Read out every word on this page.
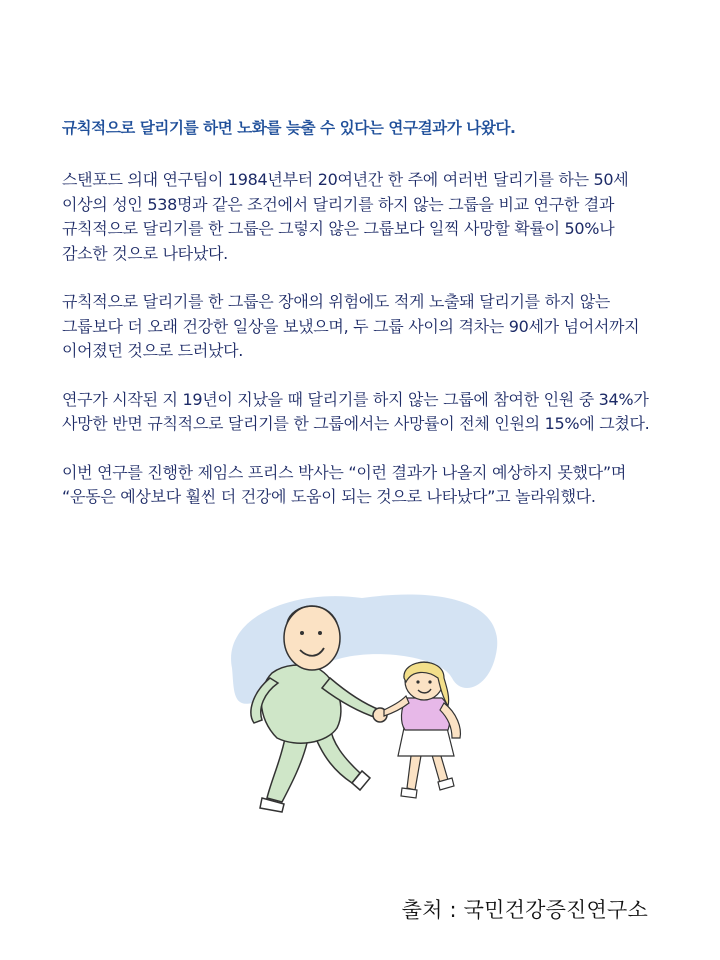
규칙적으로 달리기를 하면 노화를 늦출 수 있다는 연구결과가 나왔다.

스탠포드 의대 연구팀이 1984년부터 20여년간 한 주에 여러번 달리기를 하는 50세 이상의 성인 538명과 같은 조건에서 달리기를 하지 않는 그룹을 비교 연구한 결과 규칙적으로 달리기를 한 그룹은 그렇지 않은 그룹보다 일찍 사망할 확률이 50%나 감소한 것으로 나타났다.

규칙적으로 달리기를 한 그룹은 장애의 위험에도 적게 노출돼 달리기를 하지 않는 그룹보다 더 오래 건강한 일상을 보냈으며, 두 그룹 사이의 격차는 90세가 넘어서까지 이어졌던 것으로 드러났다.

연구가 시작된 지 19년이 지났을 때 달리기를 하지 않는 그룹에 참여한 인원 중 34%가 사망한 반면 규칙적으로 달리기를 한 그룹에서는 사망률이 전체 인원의 15%에 그쳤다.

이번 연구를 진행한 제임스 프리스 박사는 “이런 결과가 나올지 예상하지 못했다”며 “운동은 예상보다 훨씬 더 건강에 도움이 되는 것으로 나타났다”고 놀라워했다.

출처 : 국민건강증진연구소
